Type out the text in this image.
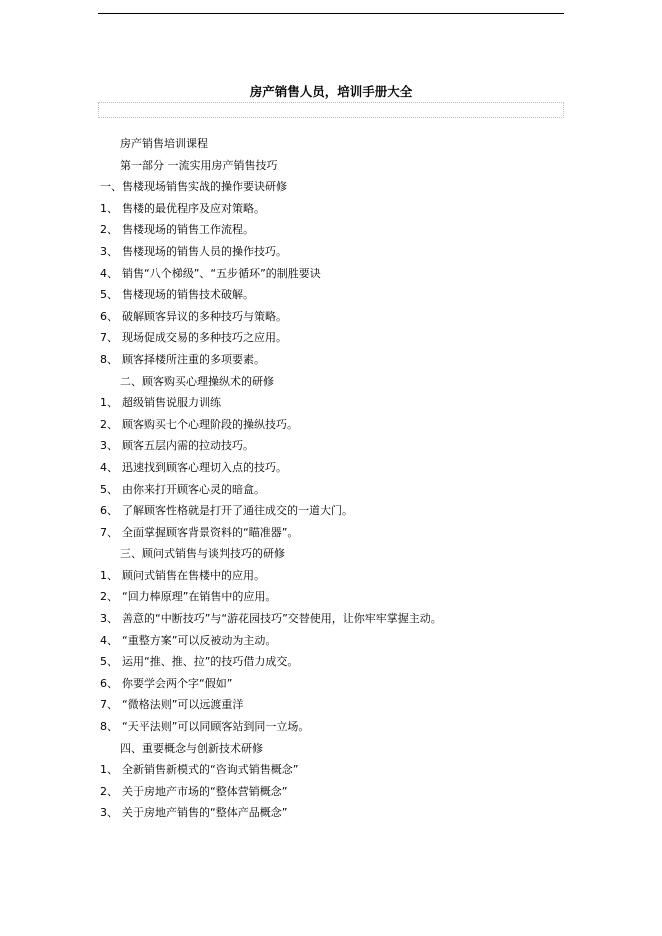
房产销售人员，培训手册大全
房产销售培训课程
第一部分 一流实用房产销售技巧
一、 售楼现场销售实战的操作要诀研修
1、 售楼的最优程序及应对策略。
2、 售楼现场的销售工作流程。
3、 售楼现场的销售人员的操作技巧。
4、 销售“八个梯级”、“五步循环”的制胜要诀
5、 售楼现场的销售技术破解。
6、 破解顾客异议的多种技巧与策略。
7、 现场促成交易的多种技巧之应用。
8、 顾客择楼所注重的多项要素。
二、顾客购买心理操纵术的研修
1、 超级销售说服力训练
2、 顾客购买七个心理阶段的操纵技巧。
3、 顾客五层内需的拉动技巧。
4、 迅速找到顾客心理切入点的技巧。
5、 由你来打开顾客心灵的暗盒。
6、 了解顾客性格就是打开了通往成交的一道大门。
7、 全面掌握顾客背景资料的“瞄准器”。
三、顾问式销售与谈判技巧的研修
1、 顾问式销售在售楼中的应用。
2、 “回力棒原理”在销售中的应用。
3、 善意的“中断技巧”与“游花园技巧”交替使用，让你牢牢掌握主动。
4、 “重整方案”可以反被动为主动。
5、 运用“推、推、拉”的技巧借力成交。
6、 你要学会两个字“假如”
7、 “微格法则”可以远渡重洋
8、 “天平法则”可以同顾客站到同一立场。
四、重要概念与创新技术研修
1、 全新销售新模式的“咨询式销售概念”
2、 关于房地产市场的“整体营销概念”
3、 关于房地产销售的“整体产品概念”
